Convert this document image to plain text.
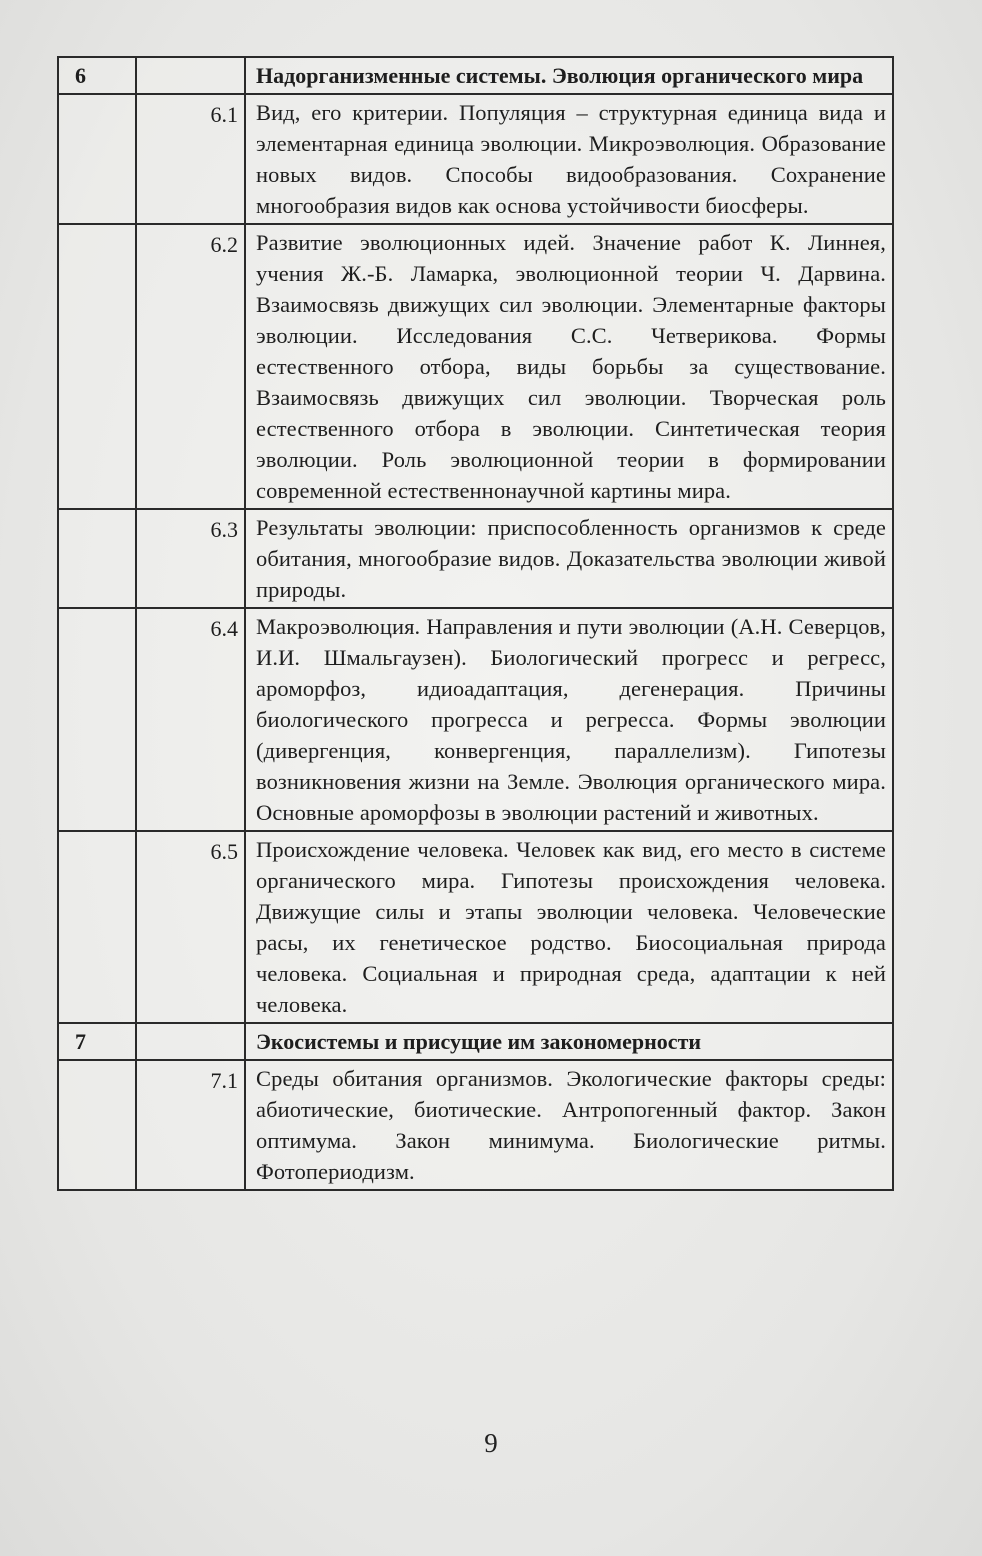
6		Надорганизменные системы. Эволюция органического мира

	6.1	Вид, его критерии. Популяция – структурная единица вида и элементарная единица эволюции. Микроэволюция. Образование новых видов. Способы видообразования. Сохранение многообразия видов как основа устойчивости биосферы.

	6.2	Развитие эволюционных идей. Значение работ К. Линнея, учения Ж.-Б. Ламарка, эволюционной теории Ч. Дарвина. Взаимосвязь движущих сил эволюции. Элементарные факторы эволюции. Исследования С.С. Четверикова. Формы естественного отбора, виды борьбы за существование. Взаимосвязь движущих сил эволюции. Творческая роль естественного отбора в эволюции. Синтетическая теория эволюции. Роль эволюционной теории в формировании современной естественнонаучной картины мира.

	6.3	Результаты эволюции: приспособленность организмов к среде обитания, многообразие видов. Доказательства эволюции живой природы.

	6.4	Макроэволюция. Направления и пути эволюции (А.Н. Северцов, И.И. Шмальгаузен). Биологический прогресс и регресс, ароморфоз, идиоадаптация, дегенерация. Причины биологического прогресса и регресса. Формы эволюции (дивергенция, конвергенция, параллелизм). Гипотезы возникновения жизни на Земле. Эволюция органического мира. Основные ароморфозы в эволюции растений и животных.

	6.5	Происхождение человека. Человек как вид, его место в системе органического мира. Гипотезы происхождения человека. Движущие силы и этапы эволюции человека. Человеческие расы, их генетическое родство. Биосоциальная природа человека. Социальная и природная среда, адаптации к ней человека.

7		Экосистемы и присущие им закономерности

	7.1	Среды обитания организмов. Экологические факторы среды: абиотические, биотические. Антропогенный фактор. Закон оптимума. Закон минимума. Биологические ритмы. Фотопериодизм.
9
